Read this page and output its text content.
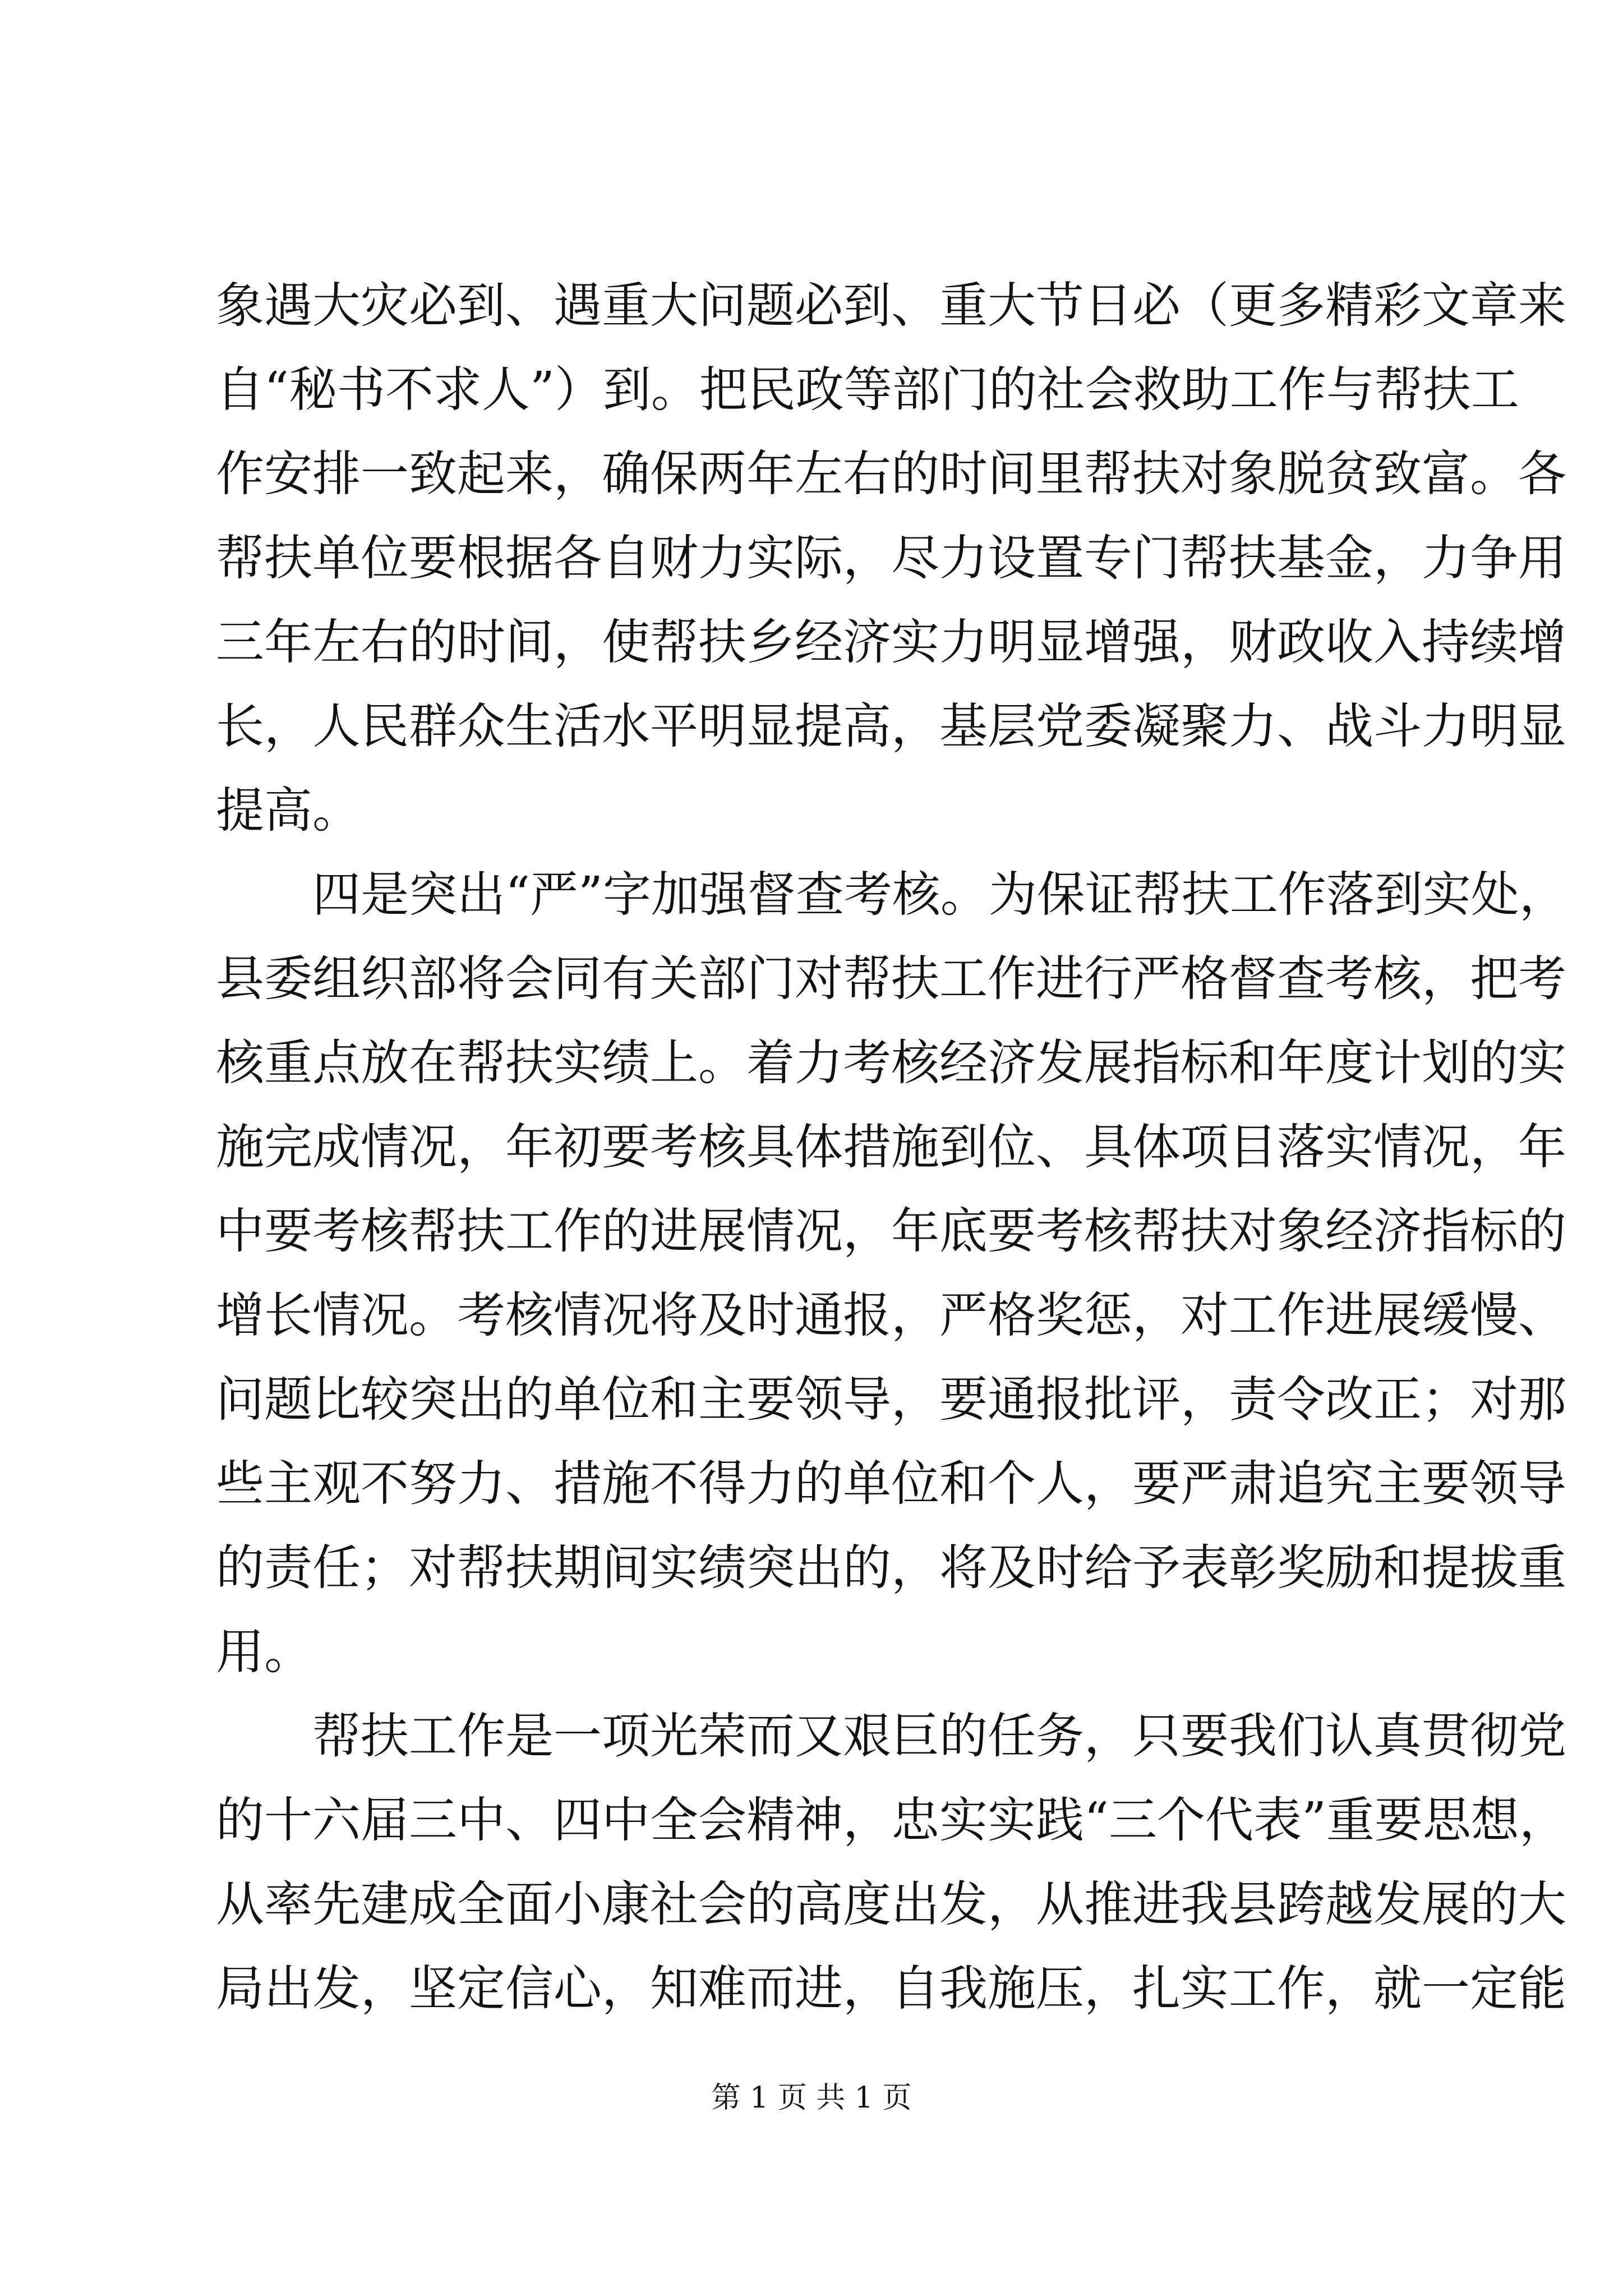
象遇大灾必到、遇重大问题必到、重大节日必（更多精彩文章来
自“秘书不求人”）到。把民政等部门的社会救助工作与帮扶工
作安排一致起来，确保两年左右的时间里帮扶对象脱贫致富。各
帮扶单位要根据各自财力实际，尽力设置专门帮扶基金，力争用
三年左右的时间，使帮扶乡经济实力明显增强，财政收入持续增
长，人民群众生活水平明显提高，基层党委凝聚力、战斗力明显
提高。
四是突出“严”字加强督查考核。为保证帮扶工作落到实处，
县委组织部将会同有关部门对帮扶工作进行严格督查考核，把考
核重点放在帮扶实绩上。着力考核经济发展指标和年度计划的实
施完成情况，年初要考核具体措施到位、具体项目落实情况，年
中要考核帮扶工作的进展情况，年底要考核帮扶对象经济指标的
增长情况。考核情况将及时通报，严格奖惩，对工作进展缓慢、
问题比较突出的单位和主要领导，要通报批评，责令改正；对那
些主观不努力、措施不得力的单位和个人，要严肃追究主要领导
的责任；对帮扶期间实绩突出的，将及时给予表彰奖励和提拔重
用。
帮扶工作是一项光荣而又艰巨的任务，只要我们认真贯彻党
的十六届三中、四中全会精神，忠实实践“三个代表”重要思想，
从率先建成全面小康社会的高度出发，从推进我县跨越发展的大
局出发，坚定信心，知难而进，自我施压，扎实工作，就一定能
第 1 页 共 1 页
